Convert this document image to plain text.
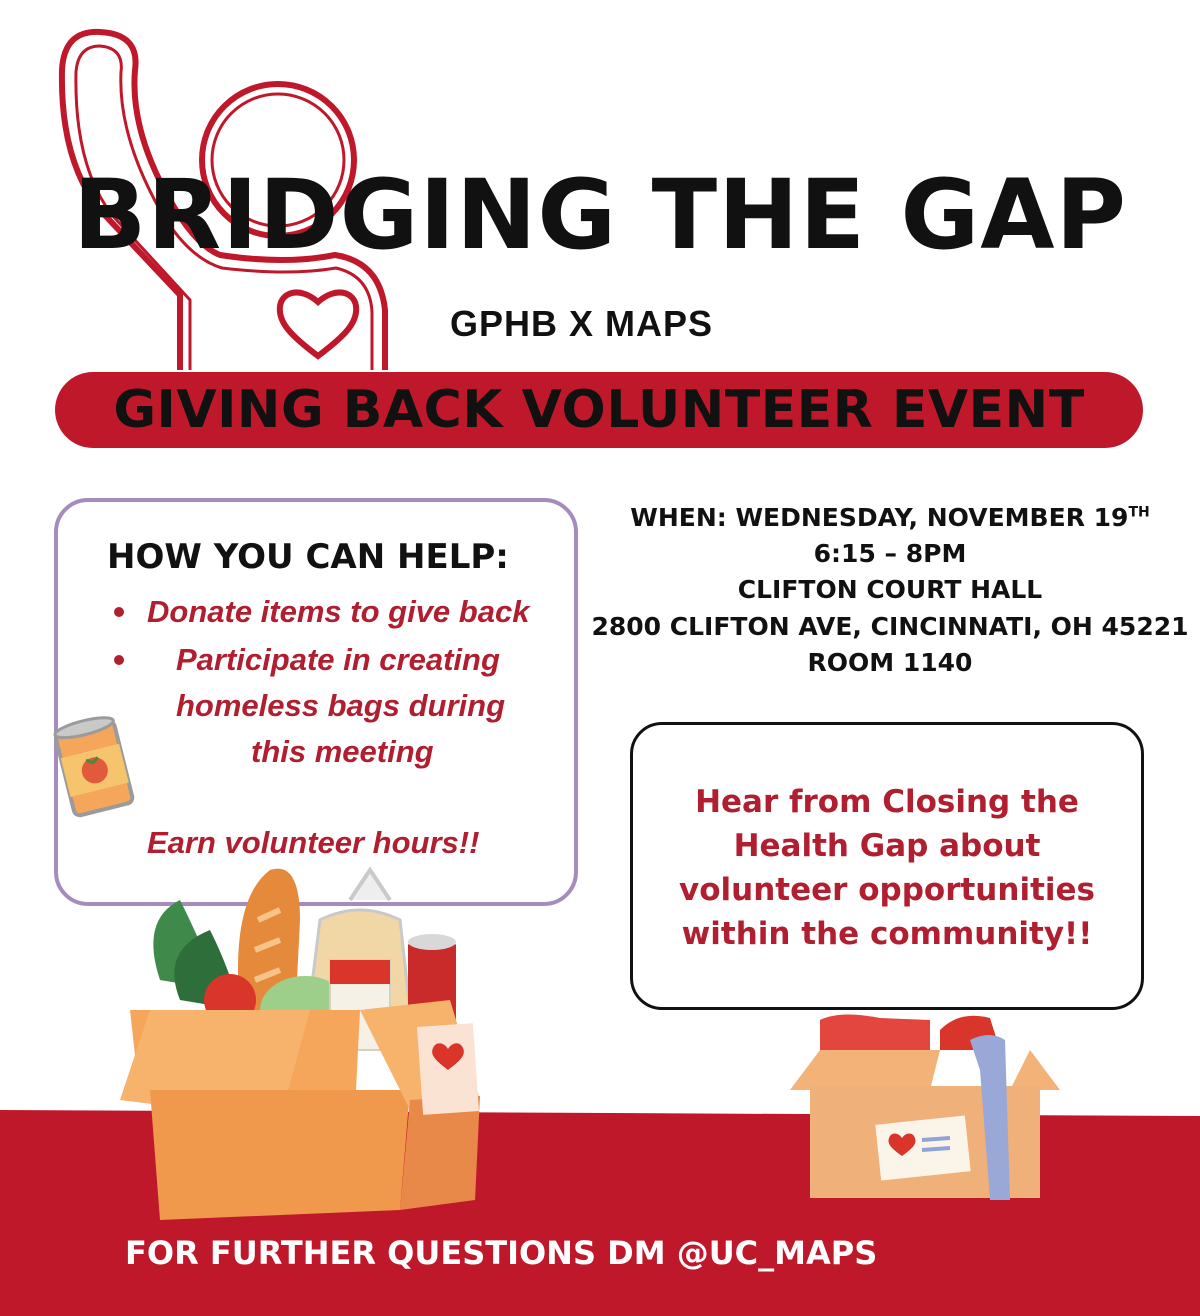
BRIDGING THE GAP
GPHB X MAPS
GIVING BACK VOLUNTEER EVENT
HOW YOU CAN HELP:
Donate items to give back
Participate in creating
homeless bags during
this meeting
Earn volunteer hours!!
WHEN: WEDNESDAY, NOVEMBER 19TH
6:15 – 8PM
CLIFTON COURT HALL
2800 CLIFTON AVE, CINCINNATI, OH 45221
ROOM 1140
Hear from Closing the
Health Gap about
volunteer opportunities
within the community!!
FOR FURTHER QUESTIONS DM @UC_MAPS
